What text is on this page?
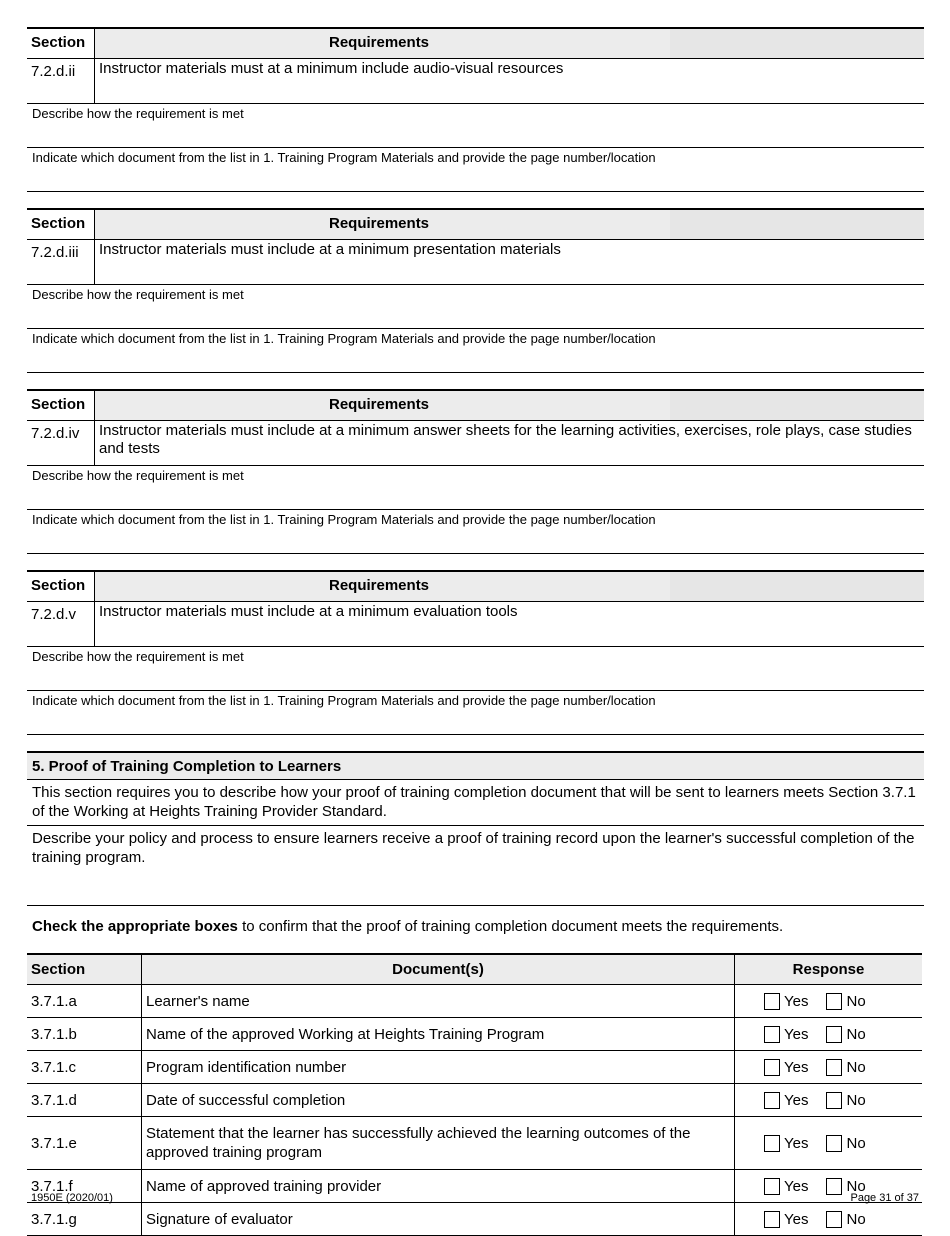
Section	Requirements
7.2.d.ii	Instructor materials must at a minimum include audio-visual resources
Describe how the requirement is met
Indicate which document from the list in 1. Training Program Materials and provide the page number/location
Section	Requirements
7.2.d.iii	Instructor materials must include at a minimum presentation materials
Describe how the requirement is met
Indicate which document from the list in 1. Training Program Materials and provide the page number/location
Section	Requirements
7.2.d.iv	Instructor materials must include at a minimum answer sheets for the learning activities, exercises, role plays, case studies and tests
Describe how the requirement is met
Indicate which document from the list in 1. Training Program Materials and provide the page number/location
Section	Requirements
7.2.d.v	Instructor materials must include at a minimum evaluation tools
Describe how the requirement is met
Indicate which document from the list in 1. Training Program Materials and provide the page number/location
5. Proof of Training Completion to Learners
This section requires you to describe how your proof of training completion document that will be sent to learners meets Section 3.7.1 of the Working at Heights Training Provider Standard.
Describe your policy and process to ensure learners receive a proof of training record upon the learner's successful completion of the training program.
Check the appropriate boxes to confirm that the proof of training completion document meets the requirements.
Section	Document(s)	Response
3.7.1.a	Learner's name	Yes No

3.7.1.b	Name of the approved Working at Heights Training Program	Yes No

3.7.1.c	Program identification number	Yes No

3.7.1.d	Date of successful completion	Yes No

3.7.1.e	Statement that the learner has successfully achieved the learning outcomes of the approved training program	Yes No

3.7.1.f	Name of approved training provider	Yes No

3.7.1.g	Signature of evaluator	Yes No
1950E (2020/01)	Page 31 of 37
